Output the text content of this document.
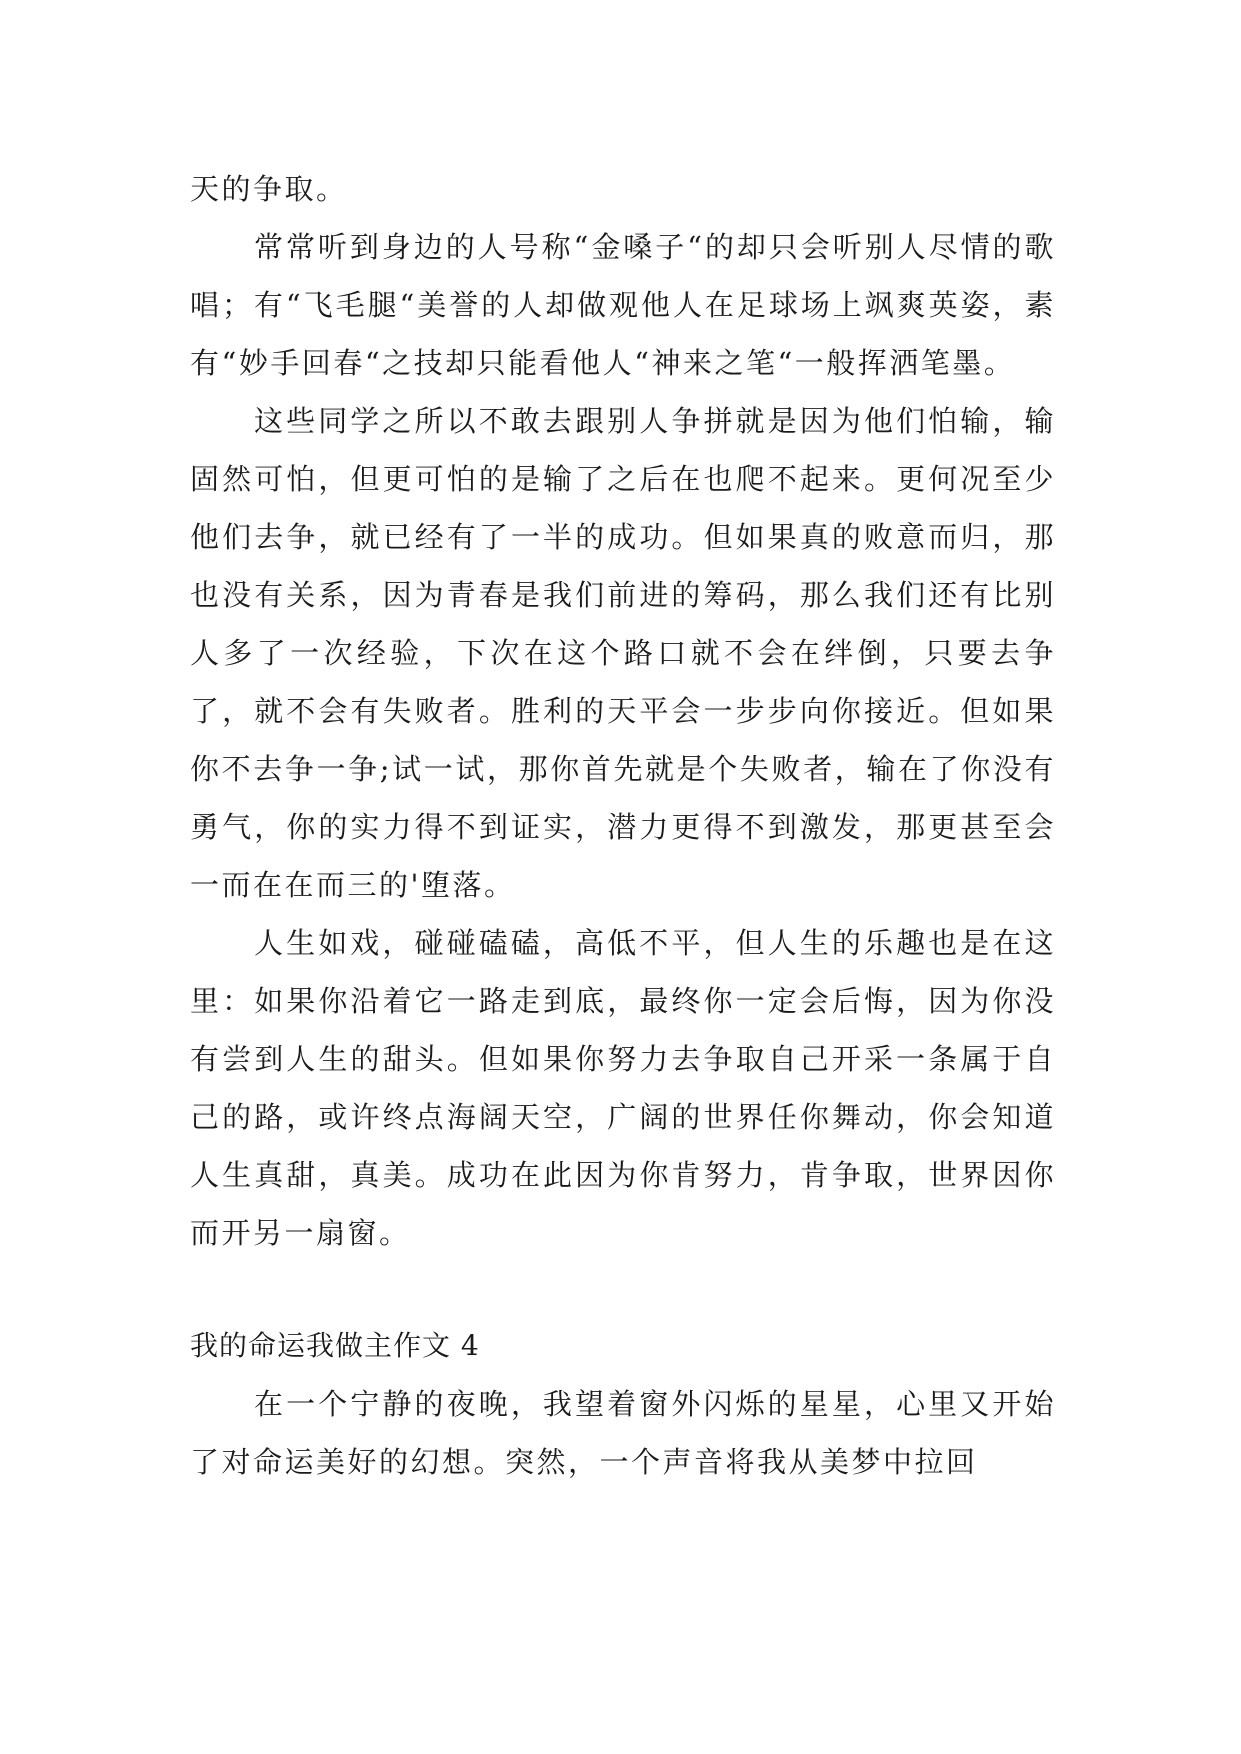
天的争取。

常常听到身边的人号称“金嗓子“的却只会听别人尽情的歌唱；有“飞毛腿“美誉的人却做观他人在足球场上飒爽英姿，素有“妙手回春“之技却只能看他人“神来之笔“一般挥洒笔墨。

这些同学之所以不敢去跟别人争拼就是因为他们怕输，输固然可怕，但更可怕的是输了之后在也爬不起来。更何况至少他们去争，就已经有了一半的成功。但如果真的败意而归，那也没有关系，因为青春是我们前进的筹码，那么我们还有比别人多了一次经验，下次在这个路口就不会在绊倒，只要去争了，就不会有失败者。胜利的天平会一步步向你接近。但如果你不去争一争;试一试，那你首先就是个失败者，输在了你没有勇气，你的实力得不到证实，潜力更得不到激发，那更甚至会一而在在而三的'堕落。

人生如戏，碰碰磕磕，高低不平，但人生的乐趣也是在这里：如果你沿着它一路走到底，最终你一定会后悔，因为你没有尝到人生的甜头。但如果你努力去争取自己开采一条属于自己的路，或许终点海阔天空，广阔的世界任你舞动，你会知道人生真甜，真美。成功在此因为你肯努力，肯争取，世界因你而开另一扇窗。

我的命运我做主作文 4

在一个宁静的夜晚，我望着窗外闪烁的星星，心里又开始了对命运美好的幻想。突然，一个声音将我从美梦中拉回
